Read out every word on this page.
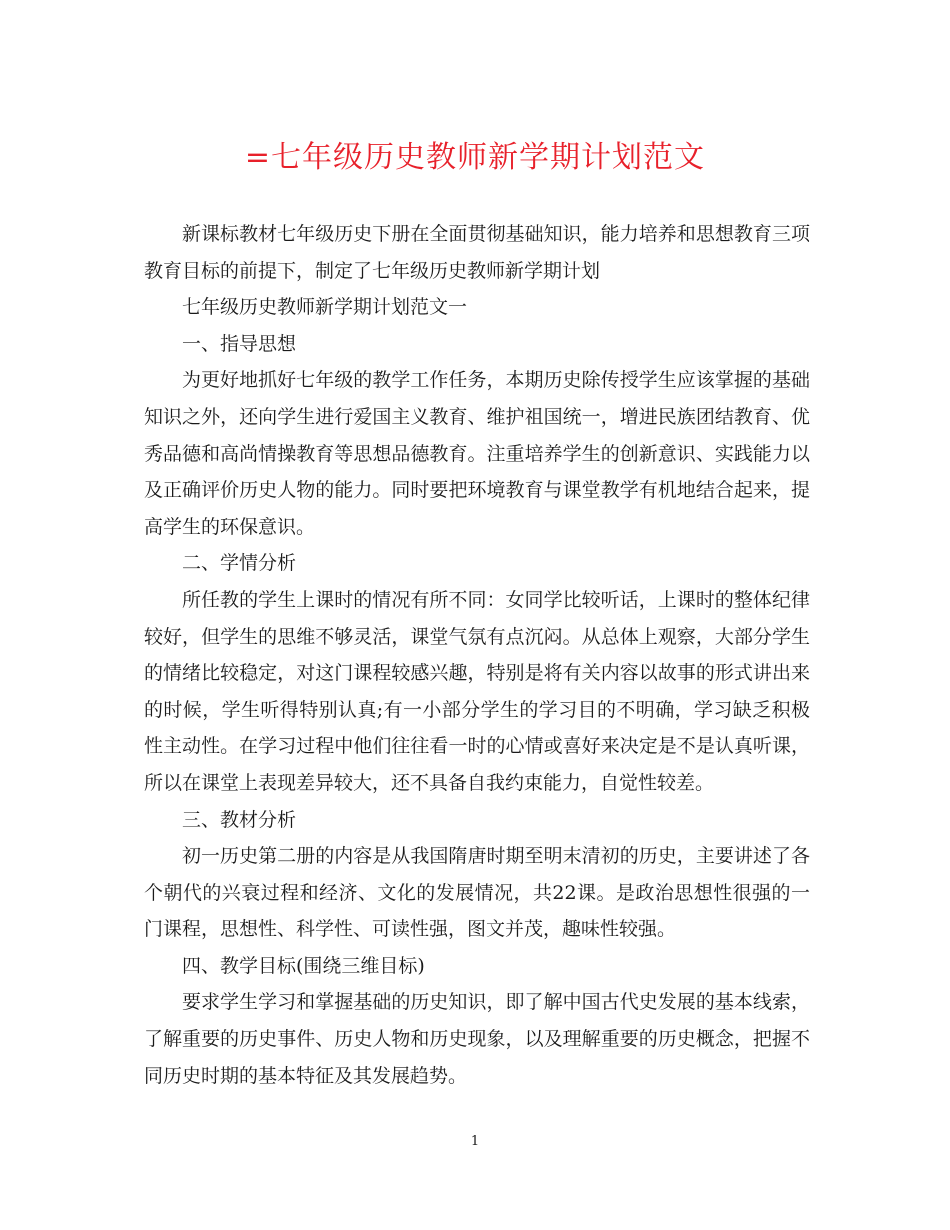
=七年级历史教师新学期计划范文

新课标教材七年级历史下册在全面贯彻基础知识，能力培养和思想教育三项教育目标的前提下，制定了七年级历史教师新学期计划

七年级历史教师新学期计划范文一

一、指导思想

为更好地抓好七年级的教学工作任务，本期历史除传授学生应该掌握的基础知识之外，还向学生进行爱国主义教育、维护祖国统一，增进民族团结教育、优秀品德和高尚情操教育等思想品德教育。注重培养学生的创新意识、实践能力以及正确评价历史人物的能力。同时要把环境教育与课堂教学有机地结合起来，提高学生的环保意识。

二、学情分析

所任教的学生上课时的情况有所不同：女同学比较听话，上课时的整体纪律较好，但学生的思维不够灵活，课堂气氛有点沉闷。从总体上观察，大部分学生的情绪比较稳定，对这门课程较感兴趣，特别是将有关内容以故事的形式讲出来的时候，学生听得特别认真;有一小部分学生的学习目的不明确，学习缺乏积极性主动性。在学习过程中他们往往看一时的心情或喜好来决定是不是认真听课，所以在课堂上表现差异较大，还不具备自我约束能力，自觉性较差。

三、教材分析

初一历史第二册的内容是从我国隋唐时期至明末清初的历史，主要讲述了各个朝代的兴衰过程和经济、文化的发展情况，共22课。是政治思想性很强的一门课程，思想性、科学性、可读性强，图文并茂，趣味性较强。

四、教学目标(围绕三维目标)

要求学生学习和掌握基础的历史知识，即了解中国古代史发展的基本线索，了解重要的历史事件、历史人物和历史现象，以及理解重要的历史概念，把握不同历史时期的基本特征及其发展趋势。

1
